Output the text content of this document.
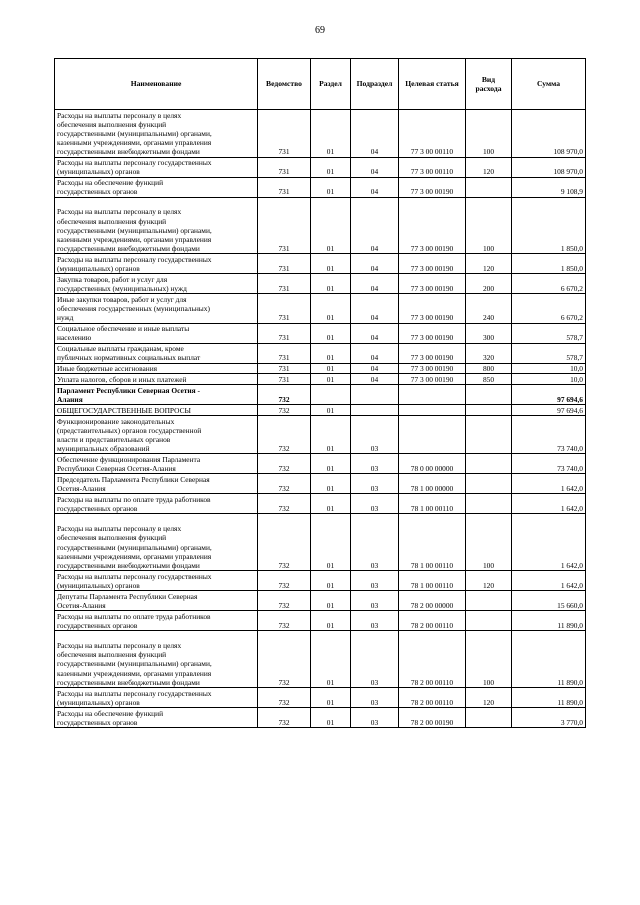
69
Наименование	Ведомство	Раздел	Подраздел	Целевая статья	Вид расхода	Сумма
Расходы на выплаты персоналу в целях
обеспечения выполнения функций
государственными (муниципальными) органами,
казенными учреждениями, органами управления
государственными внебюджетными фондами	731	01	04	77 3 00 00110	100	108 970,0
Расходы на выплаты персоналу государственных
(муниципальных) органов	731	01	04	77 3 00 00110	120	108 970,0
Расходы на обеспечение функций
государственных органов	731	01	04	77 3 00 00190		9 108,9
Расходы на выплаты персоналу в целях
обеспечения выполнения функций
государственными (муниципальными) органами,
казенными учреждениями, органами управления
государственными внебюджетными фондами	731	01	04	77 3 00 00190	100	1 850,0
Расходы на выплаты персоналу государственных
(муниципальных) органов	731	01	04	77 3 00 00190	120	1 850,0
Закупка товаров, работ и услуг для
государственных (муниципальных) нужд	731	01	04	77 3 00 00190	200	6 670,2
Иные закупки товаров, работ и услуг для
обеспечения государственных (муниципальных)
нужд	731	01	04	77 3 00 00190	240	6 670,2
Социальное обеспечение и иные выплаты
населению	731	01	04	77 3 00 00190	300	578,7
Социальные выплаты гражданам, кроме
публичных нормативных социальных выплат	731	01	04	77 3 00 00190	320	578,7
Иные бюджетные ассигнования	731	01	04	77 3 00 00190	800	10,0
Уплата налогов, сборов и иных платежей	731	01	04	77 3 00 00190	850	10,0
Парламент Республики Северная Осетия -
Алания	732					97 694,6
ОБЩЕГОСУДАРСТВЕННЫЕ ВОПРОСЫ	732	01				97 694,6
Функционирование законодательных
(представительных) органов государственной
власти и представительных органов
муниципальных образований	732	01	03			73 740,0
Обеспечение функционирования Парламента
Республики Северная Осетия-Алания	732	01	03	78 0 00 00000		73 740,0
Председатель Парламента Республики Северная
Осетия-Алания	732	01	03	78 1 00 00000		1 642,0
Расходы на выплаты по оплате труда работников
государственных органов	732	01	03	78 1 00 00110		1 642,0
Расходы на выплаты персоналу в целях
обеспечения выполнения функций
государственными (муниципальными) органами,
казенными учреждениями, органами управления
государственными внебюджетными фондами	732	01	03	78 1 00 00110	100	1 642,0
Расходы на выплаты персоналу государственных
(муниципальных) органов	732	01	03	78 1 00 00110	120	1 642,0
Депутаты Парламента Республики Северная
Осетия-Алания	732	01	03	78 2 00 00000		15 660,0
Расходы на выплаты по оплате труда работников
государственных органов	732	01	03	78 2 00 00110		11 890,0
Расходы на выплаты персоналу в целях
обеспечения выполнения функций
государственными (муниципальными) органами,
казенными учреждениями, органами управления
государственными внебюджетными фондами	732	01	03	78 2 00 00110	100	11 890,0
Расходы на выплаты персоналу государственных
(муниципальных) органов	732	01	03	78 2 00 00110	120	11 890,0
Расходы на обеспечение функций
государственных органов	732	01	03	78 2 00 00190		3 770,0
